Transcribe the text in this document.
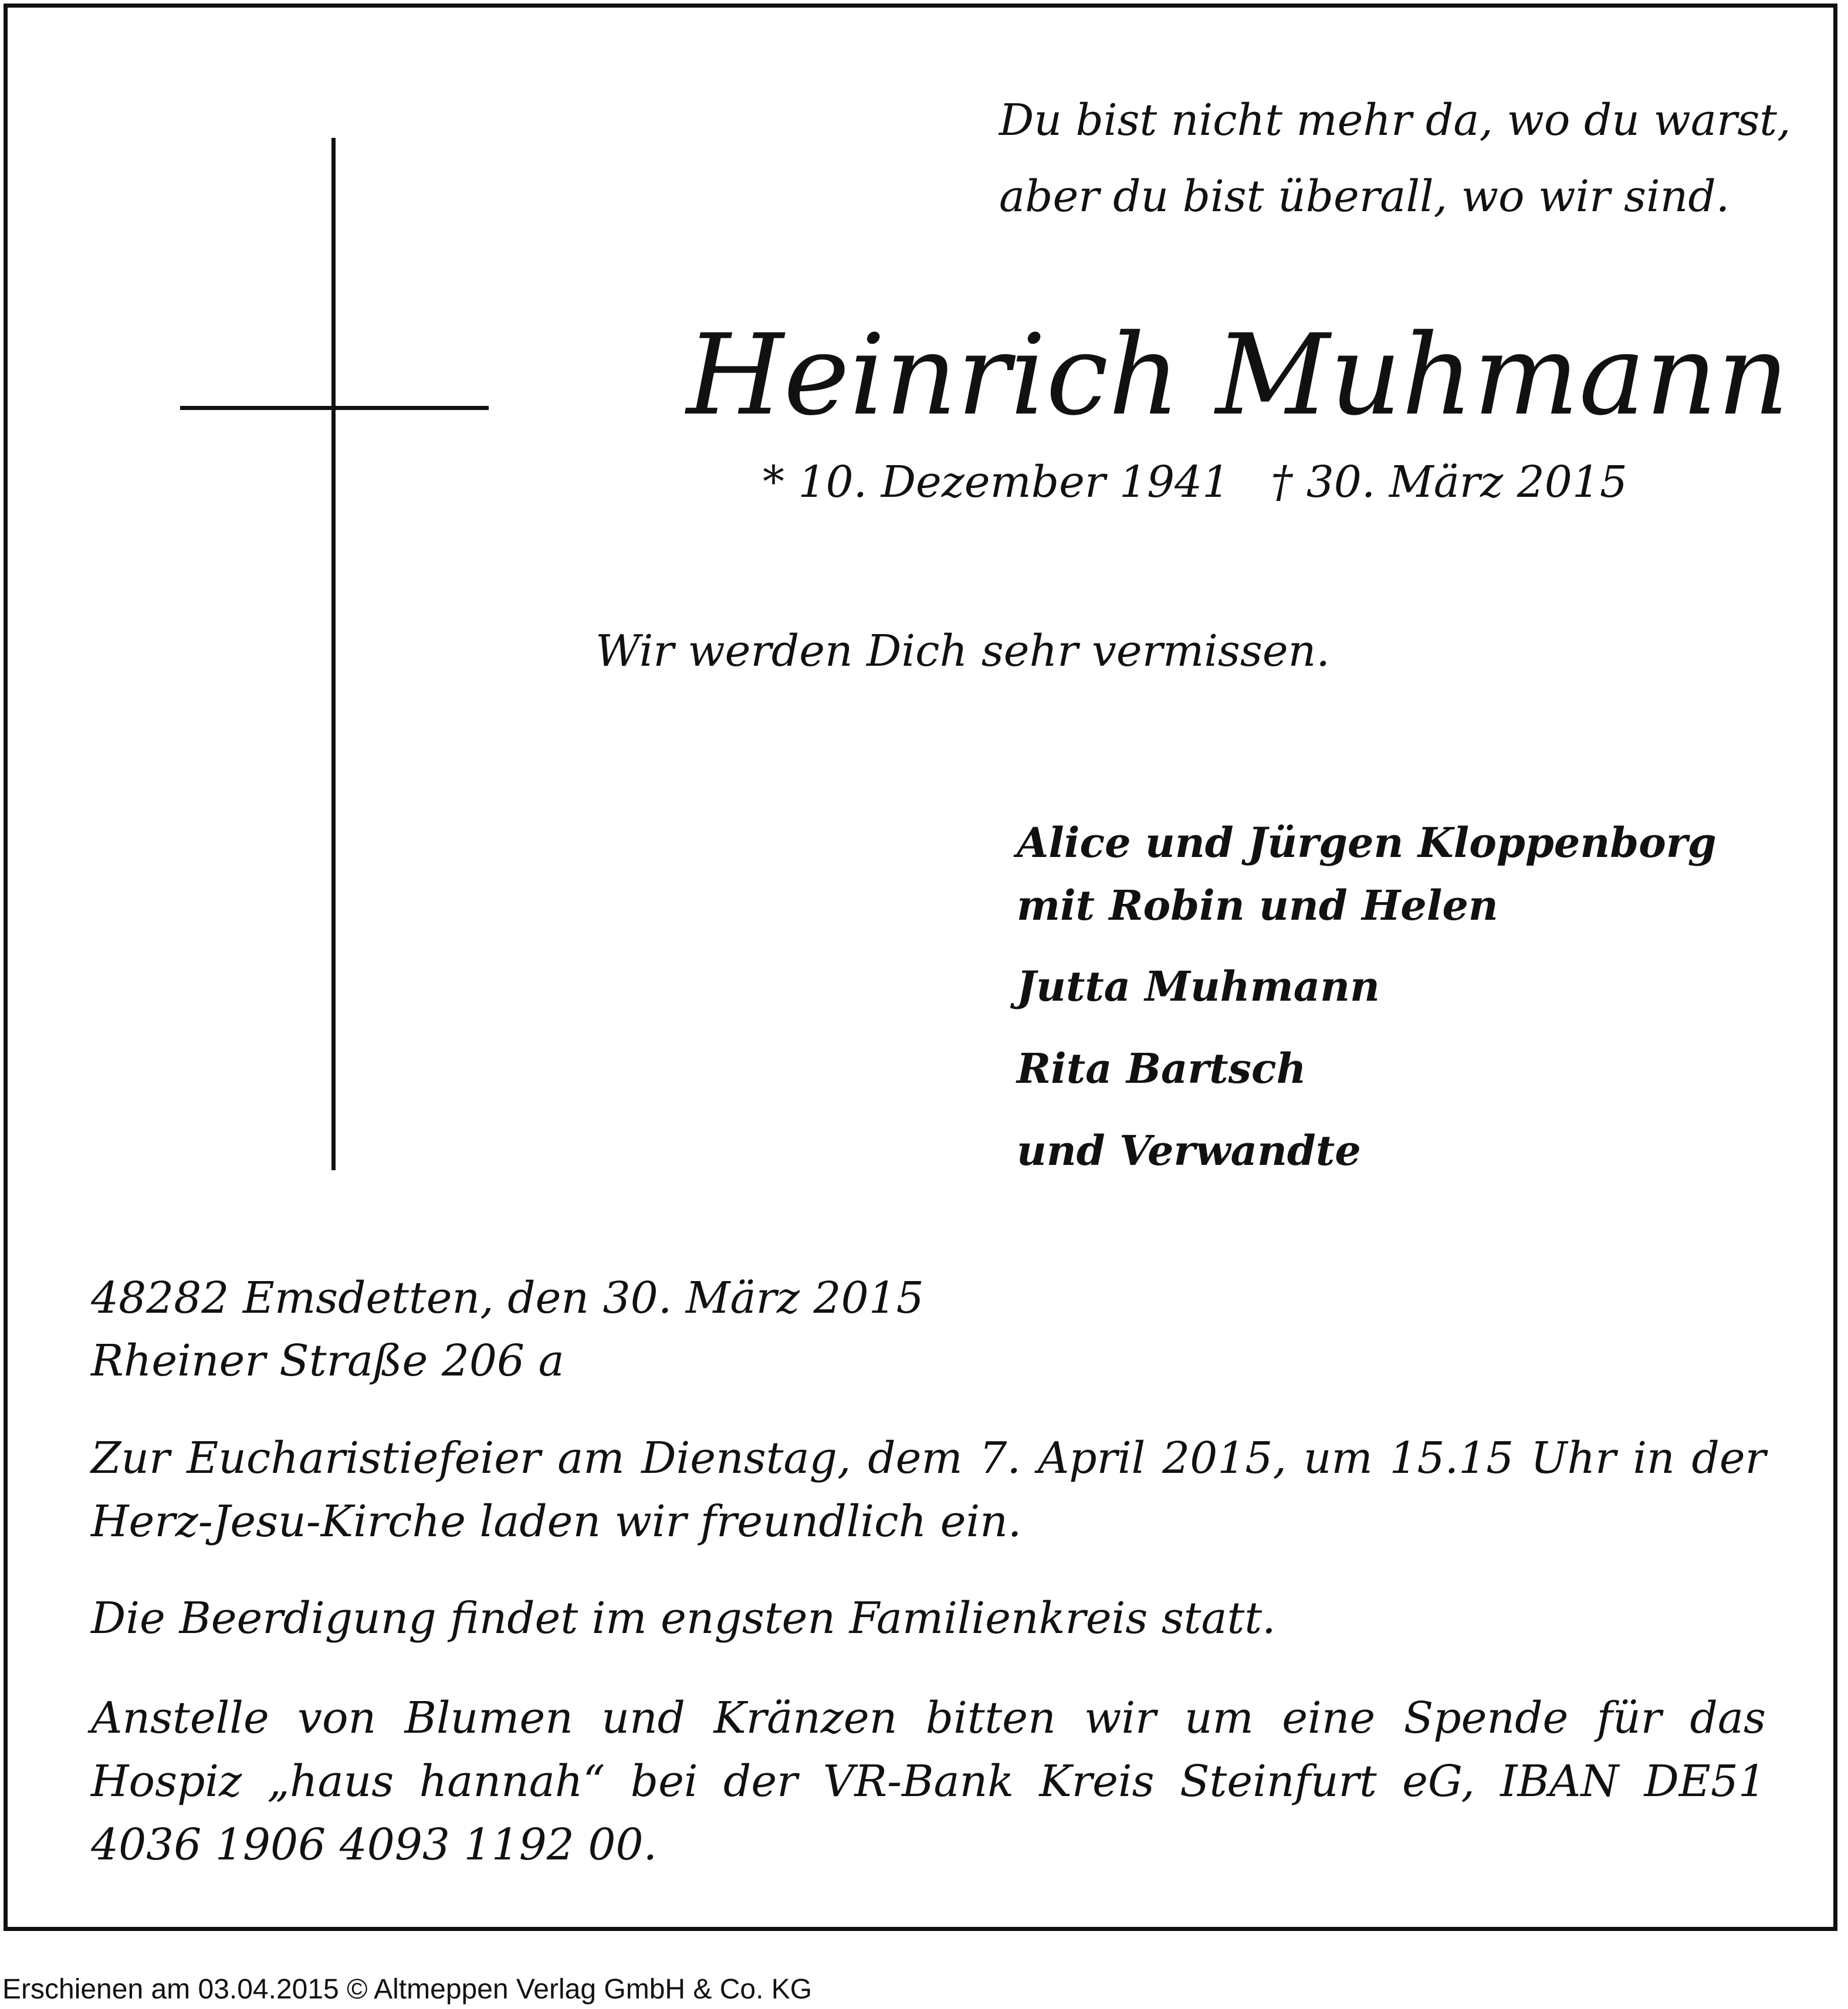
Du bist nicht mehr da, wo du warst,
aber du bist überall, wo wir sind.
Heinrich Muhmann
* 10. Dezember 1941 † 30. März 2015
Wir werden Dich sehr vermissen.
Alice und Jürgen Kloppenborg
mit Robin und Helen
Jutta Muhmann
Rita Bartsch
und Verwandte
48282 Emsdetten, den 30. März 2015
Rheiner Straße 206 a
Zur Eucharistiefeier am Dienstag, dem 7. April 2015, um 15.15 Uhr in der Herz-Jesu-Kirche laden wir freundlich ein.
Die Beerdigung findet im engsten Familienkreis statt.
Anstelle von Blumen und Kränzen bitten wir um eine Spende für das Hospiz „haus hannah“ bei der VR-Bank Kreis Steinfurt eG, IBAN DE51 4036 1906 4093 1192 00.
Erschienen am 03.04.2015 © Altmeppen Verlag GmbH & Co. KG
